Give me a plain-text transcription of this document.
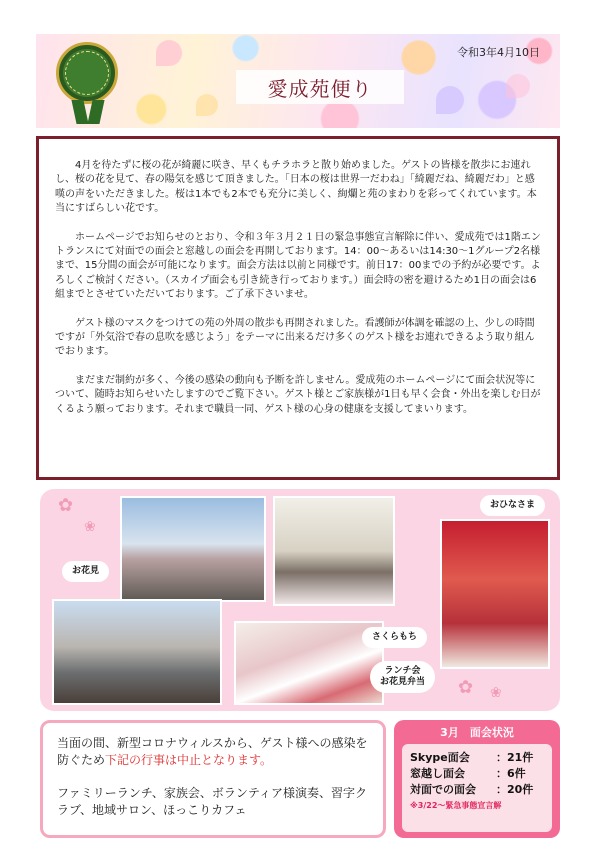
令和3年4月10日
愛成苑便り

4月を待たずに桜の花が綺麗に咲き、早くもチラホラと散り始めました。ゲストの皆様を散歩にお連れし、桜の花を見て、春の陽気を感じて頂きました。「日本の桜は世界一だわね」「綺麗だね、綺麗だわ」と感嘆の声をいただきました。桜は1本でも2本でも充分に美しく、絢爛と苑のまわりを彩ってくれています。本当にすばらしい花です。

ホームページでお知らせのとおり、令和３年３月２１日の緊急事態宣言解除に伴い、愛成苑では1階エントランスにて対面での面会と窓越しの面会を再開しております。14：00～あるいは14:30～1グループ2名様まで、15分間の面会が可能になります。面会方法は以前と同様です。前日17：00までの予約が必要です。よろしくご検討ください。（スカイプ面会も引き続き行っております。）面会時の密を避けるため1日の面会は6組までとさせていただいております。ご了承下さいませ。

ゲスト様のマスクをつけての苑の外周の散歩も再開されました。看護師が体調を確認の上、少しの時間ですが「外気浴で春の息吹を感じよう」をテーマに出来るだけ多くのゲスト様をお連れできるよう取り組んでおります。

まだまだ制約が多く、今後の感染の動向も予断を許しません。愛成苑のホームページにて面会状況等について、随時お知らせいたしますのでご覧下さい。ゲスト様とご家族様が1日も早く会食・外出を楽しむ日がくるよう願っております。それまで職員一同、ゲスト様の心身の健康を支援してまいります。

✿
❀
✿ ❀
お花見
おひなさま
さくらもち
ランチ会
お花見弁当
当面の間、新型コロナウィルスから、ゲスト様への感染を防ぐため下記の行事は中止となります。
ファミリーランチ、家族会、ボランティア様演奏、習字クラブ、地域サロン、ほっこりカフェ
3月　面会状況
Skype面会	：21件
窓越し面会	：6件
対面での面会	：20件
※3/22～緊急事態宣言解
